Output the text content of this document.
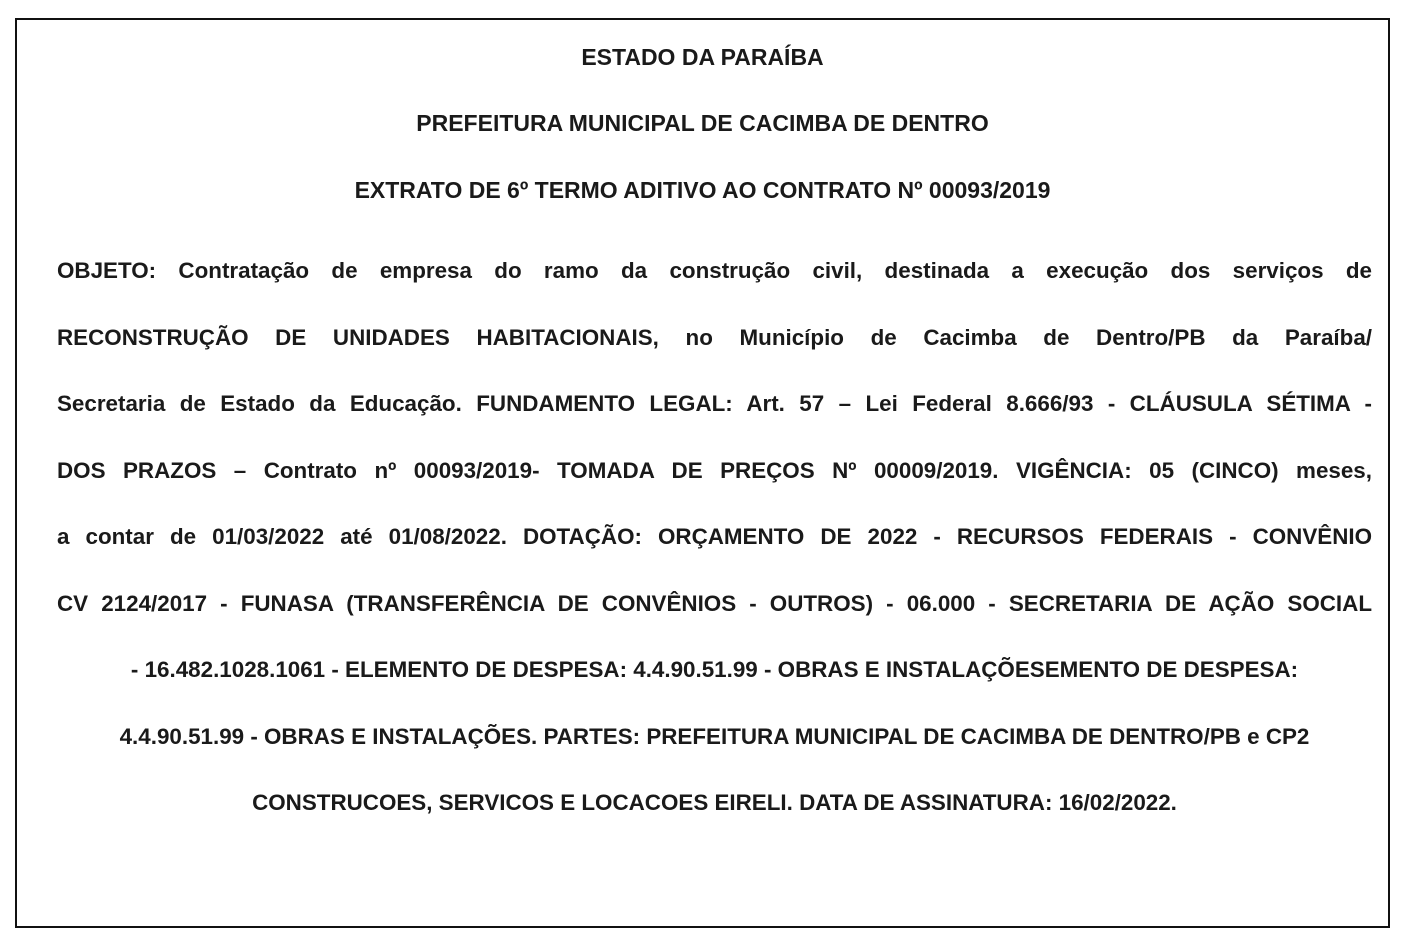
ESTADO DA PARAÍBA
PREFEITURA MUNICIPAL DE CACIMBA DE DENTRO
EXTRATO DE 6º TERMO ADITIVO AO CONTRATO Nº 00093/2019
OBJETO: Contratação de empresa do ramo da construção civil, destinada a execução dos serviços de
RECONSTRUÇÃO DE UNIDADES HABITACIONAIS, no Município de Cacimba de Dentro/PB da Paraíba/
Secretaria de Estado da Educação. FUNDAMENTO LEGAL: Art. 57 – Lei Federal 8.666/93 - CLÁUSULA SÉTIMA -
DOS PRAZOS – Contrato nº 00093/2019- TOMADA DE PREÇOS Nº 00009/2019. VIGÊNCIA: 05 (CINCO) meses,
a contar de 01/03/2022 até 01/08/2022. DOTAÇÃO: ORÇAMENTO DE 2022 - RECURSOS FEDERAIS - CONVÊNIO
CV 2124/2017 - FUNASA (TRANSFERÊNCIA DE CONVÊNIOS - OUTROS) - 06.000 - SECRETARIA DE AÇÃO SOCIAL
- 16.482.1028.1061 - ELEMENTO DE DESPESA: 4.4.90.51.99 - OBRAS E INSTALAÇÕESEMENTO DE DESPESA:
4.4.90.51.99 - OBRAS E INSTALAÇÕES. PARTES: PREFEITURA MUNICIPAL DE CACIMBA DE DENTRO/PB e CP2
CONSTRUCOES, SERVICOS E LOCACOES EIRELI. DATA DE ASSINATURA: 16/02/2022.
